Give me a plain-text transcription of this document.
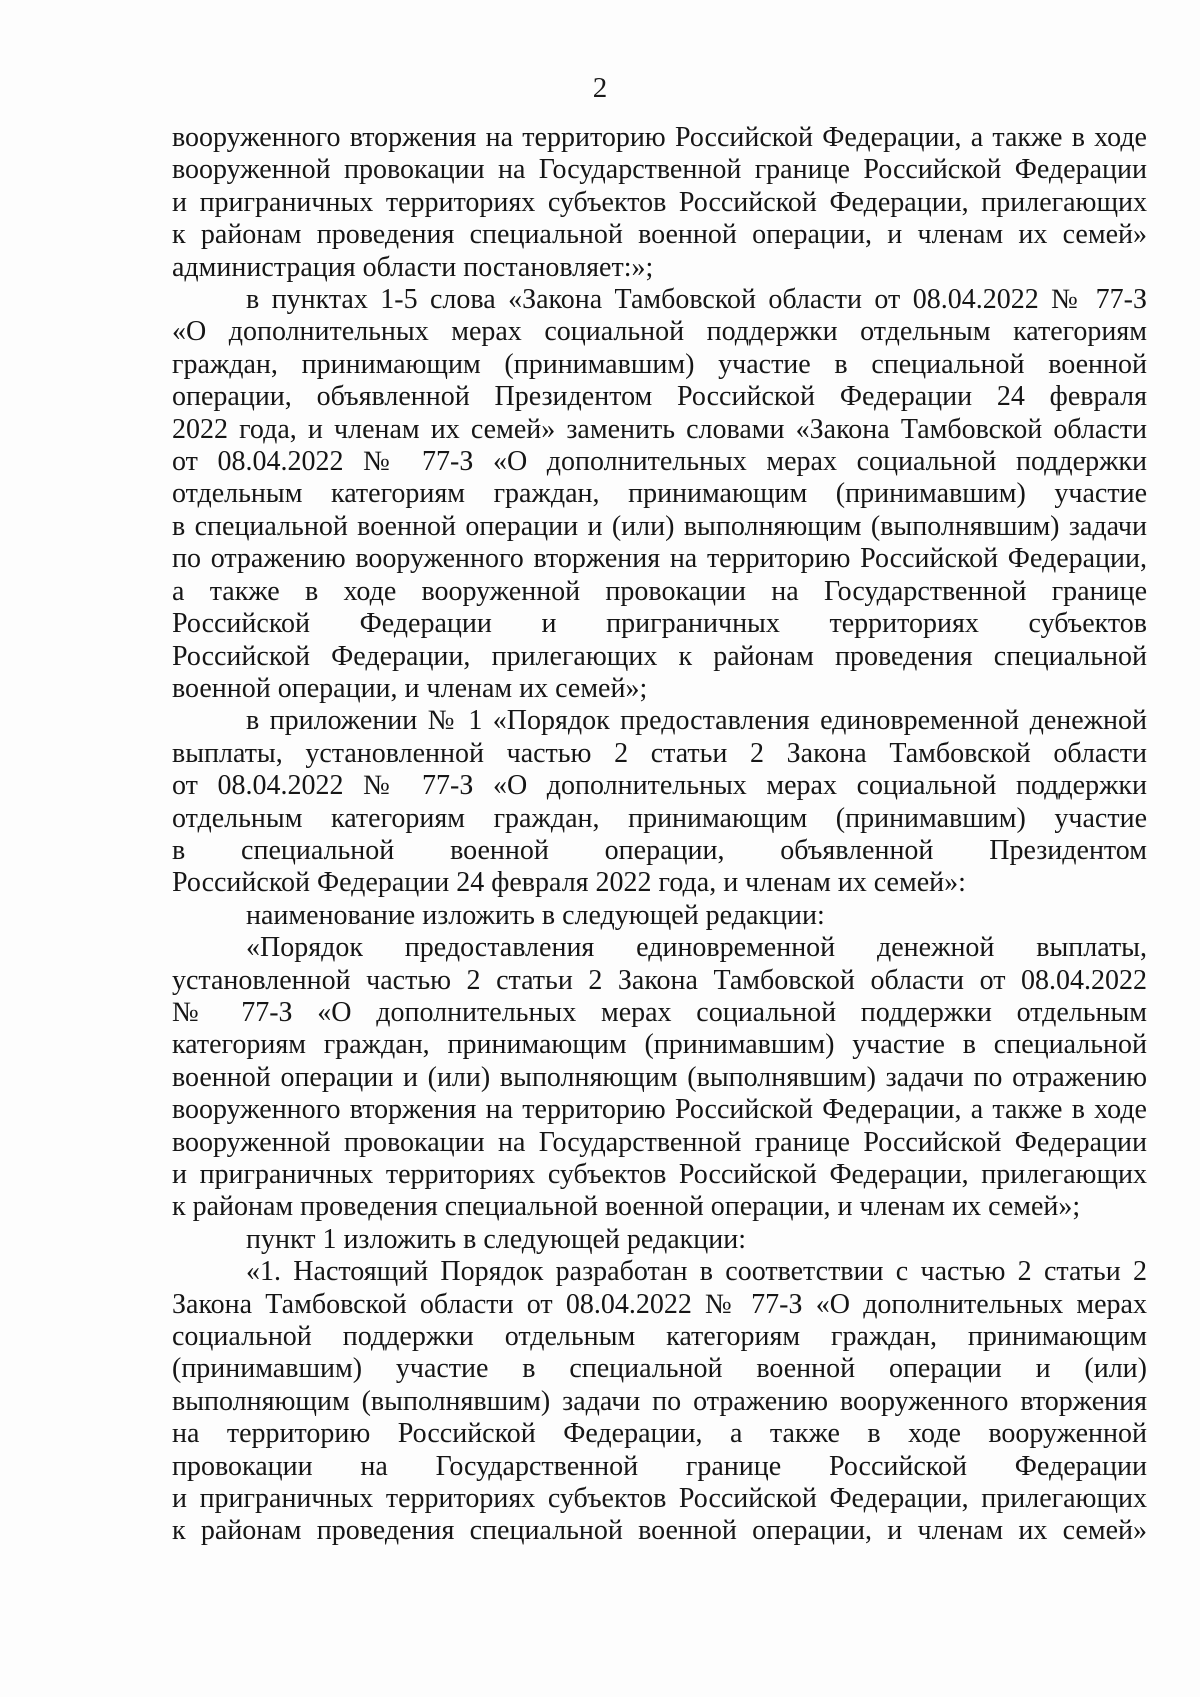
2
вооруженного вторжения на территорию Российской Федерации, а также в ходе
вооруженной провокации на Государственной границе Российской Федерации
и приграничных территориях субъектов Российской Федерации, прилегающих
к районам проведения специальной военной операции, и членам их семей»
администрация области постановляет:»;
в пунктах 1-5 слова «Закона Тамбовской области от 08.04.2022 № 77-З
«О дополнительных мерах социальной поддержки отдельным категориям
граждан, принимающим (принимавшим) участие в специальной военной
операции, объявленной Президентом Российской Федерации 24 февраля
2022 года, и членам их семей» заменить словами «Закона Тамбовской области
от 08.04.2022 № 77-З «О дополнительных мерах социальной поддержки
отдельным категориям граждан, принимающим (принимавшим) участие
в специальной военной операции и (или) выполняющим (выполнявшим) задачи
по отражению вооруженного вторжения на территорию Российской Федерации,
а также в ходе вооруженной провокации на Государственной границе
Российской Федерации и приграничных территориях субъектов
Российской Федерации, прилегающих к районам проведения специальной
военной операции, и членам их семей»;
в приложении № 1 «Порядок предоставления единовременной денежной
выплаты, установленной частью 2 статьи 2 Закона Тамбовской области
от 08.04.2022 № 77-З «О дополнительных мерах социальной поддержки
отдельным категориям граждан, принимающим (принимавшим) участие
в специальной военной операции, объявленной Президентом
Российской Федерации 24 февраля 2022 года, и членам их семей»:
наименование изложить в следующей редакции:
«Порядок предоставления единовременной денежной выплаты,
установленной частью 2 статьи 2 Закона Тамбовской области от 08.04.2022
№ 77-З «О дополнительных мерах социальной поддержки отдельным
категориям граждан, принимающим (принимавшим) участие в специальной
военной операции и (или) выполняющим (выполнявшим) задачи по отражению
вооруженного вторжения на территорию Российской Федерации, а также в ходе
вооруженной провокации на Государственной границе Российской Федерации
и приграничных территориях субъектов Российской Федерации, прилегающих
к районам проведения специальной военной операции, и членам их семей»;
пункт 1 изложить в следующей редакции:
«1. Настоящий Порядок разработан в соответствии с частью 2 статьи 2
Закона Тамбовской области от 08.04.2022 № 77-З «О дополнительных мерах
социальной поддержки отдельным категориям граждан, принимающим
(принимавшим) участие в специальной военной операции и (или)
выполняющим (выполнявшим) задачи по отражению вооруженного вторжения
на территорию Российской Федерации, а также в ходе вооруженной
провокации на Государственной границе Российской Федерации
и приграничных территориях субъектов Российской Федерации, прилегающих
к районам проведения специальной военной операции, и членам их семей»
